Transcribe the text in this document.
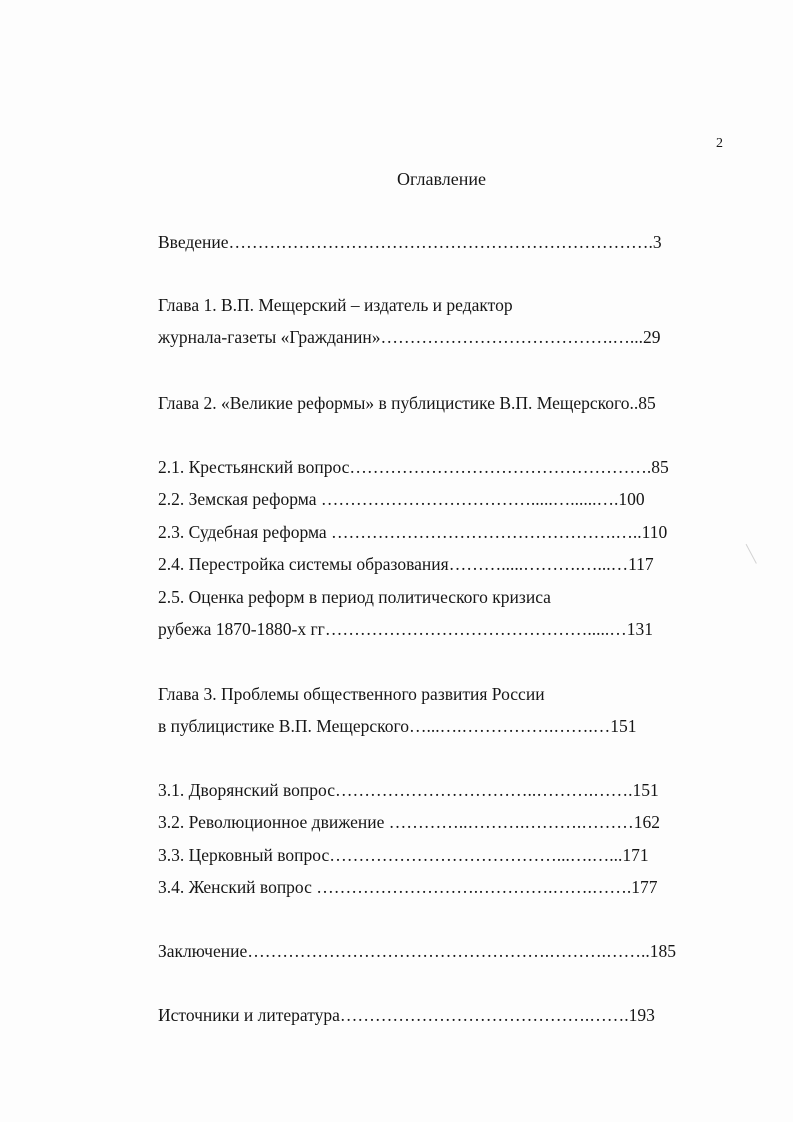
2
Оглавление
Введение……………………………………………………………….3
Глава 1. В.П. Мещерский – издатель и редактор
журнала-газеты «Гражданин»………………………………….…...29
Глава 2. «Великие реформы» в публицистике В.П. Мещерского..85
2.1. Крестьянский вопрос…………………………………………….85
2.2. Земская реформа ……………………………….....…......….100
2.3. Судебная реформа ………………………………………….…..110
2.4. Перестройка системы образования……….....……….…...…117
2.5. Оценка реформ в период политического кризиса
рубежа 1870-1880-х гг……………………………………….....…131
Глава 3. Проблемы общественного развития России
в публицистике В.П. Мещерского…...….…………….…….…151
3.1. Дворянский вопрос……………………………..……….…….151
3.2. Революционное движение …………..……….……….………162
3.3. Церковный вопрос…………………………………...….…...171
3.4. Женский вопрос ……………………….………….…….…….177
Заключение…………………………………………….……….……..185
Источники и литература…………………………………….…….193
